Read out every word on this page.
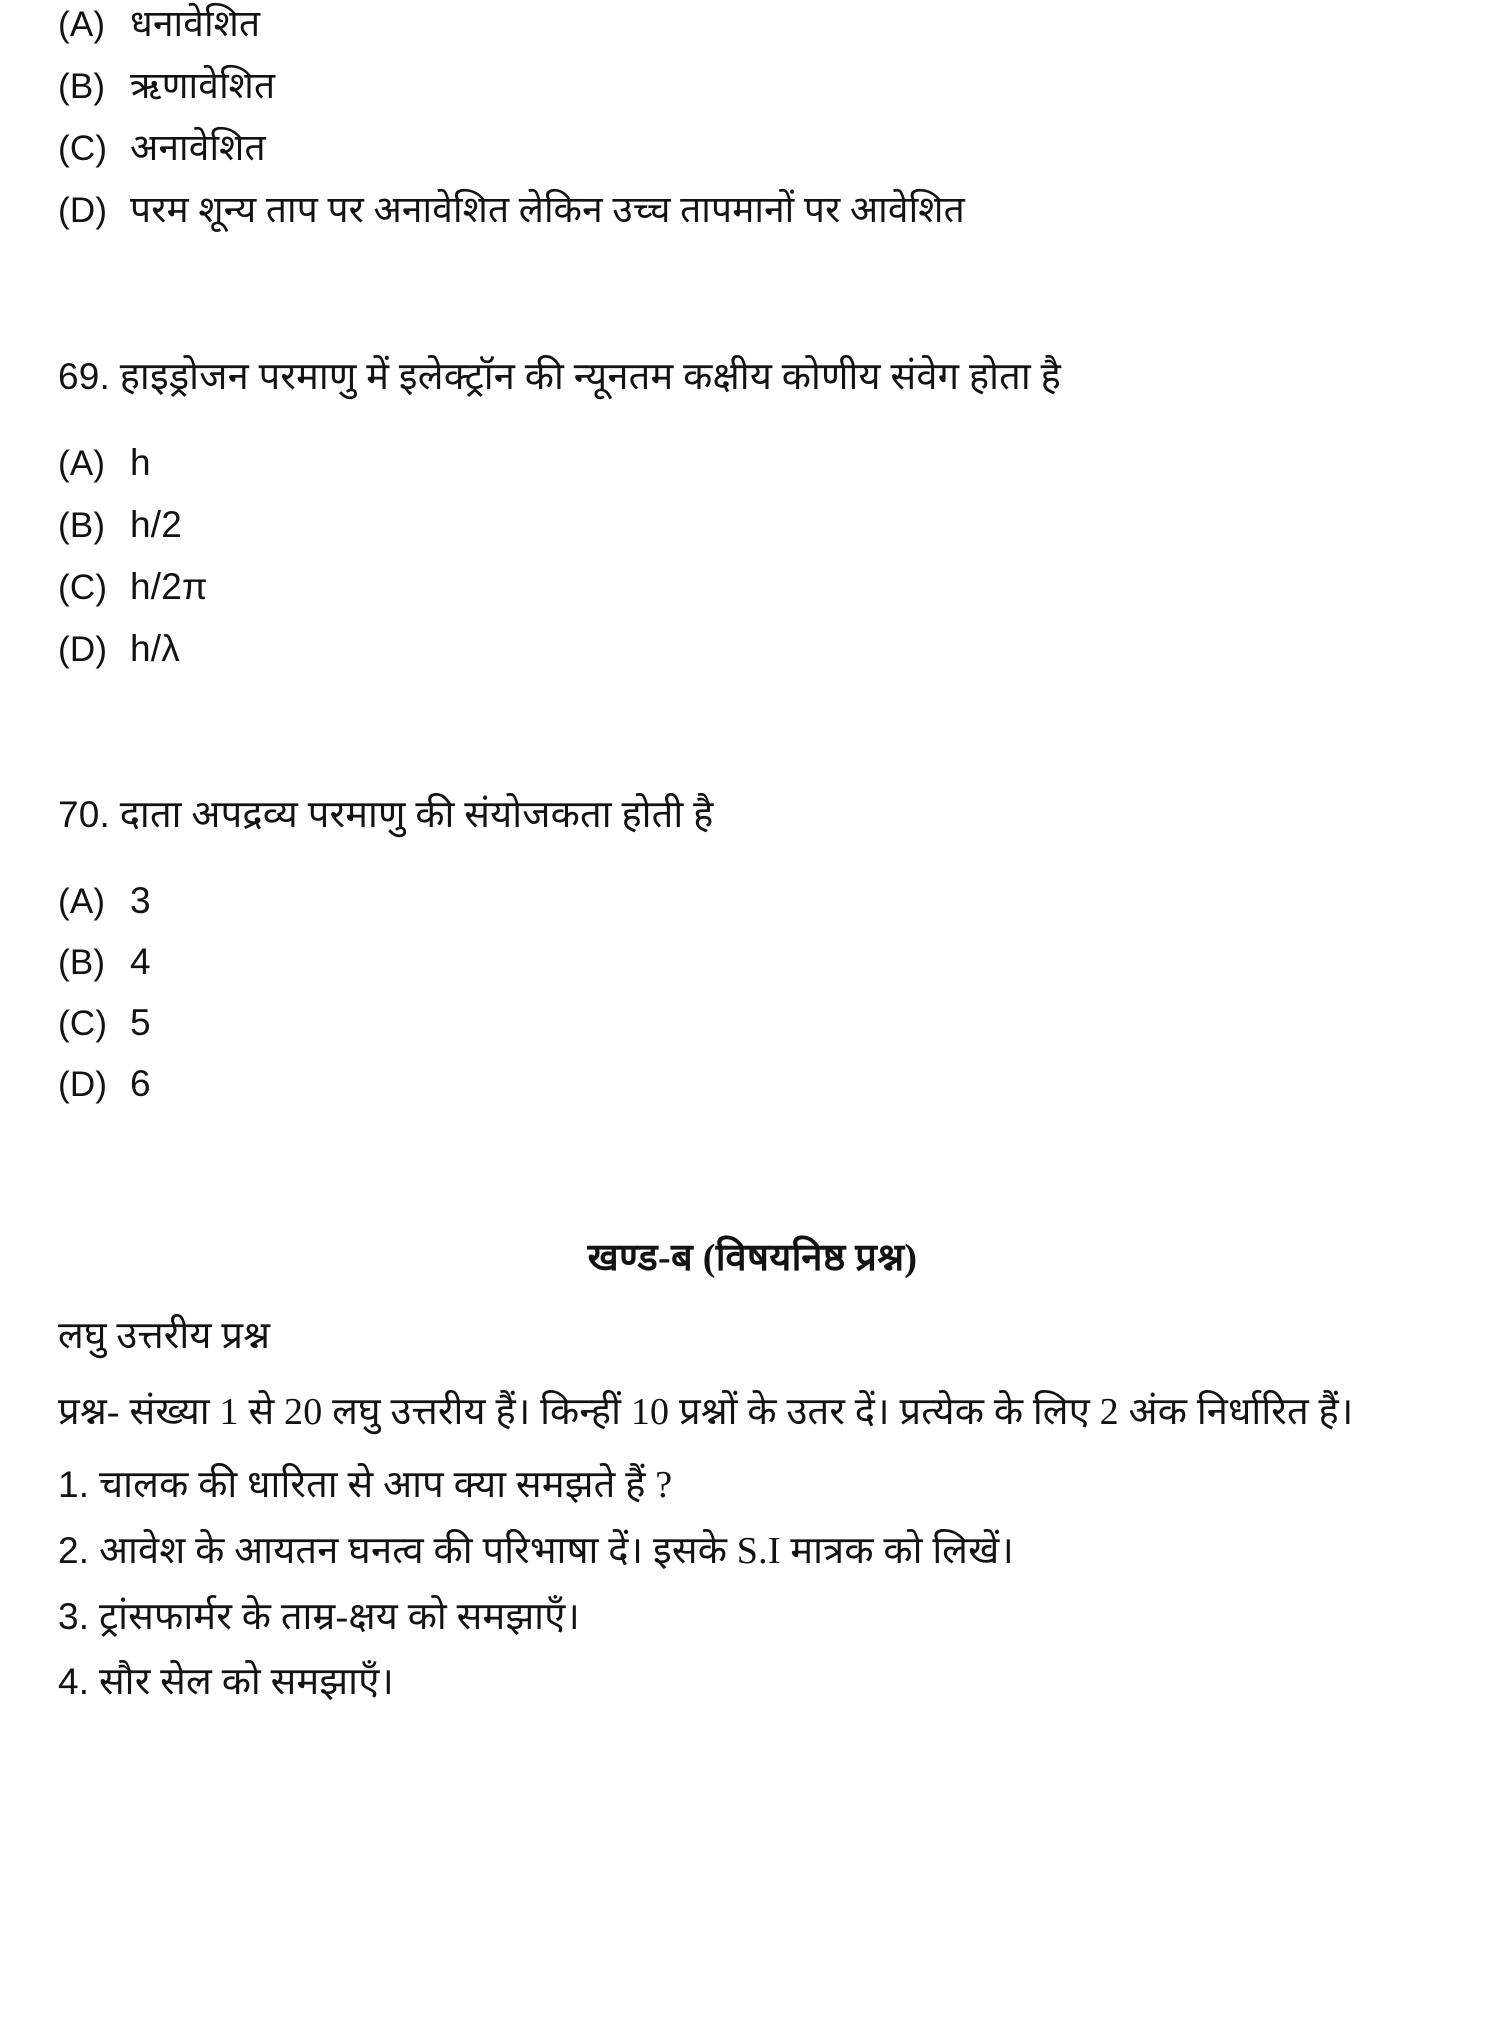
(A) धनावेशित

(B) ऋणावेशित

(C) अनावेशित

(D) परम शून्य ताप पर अनावेशित लेकिन उच्च तापमानों पर आवेशित

69.
हाइड्रोजन परमाणु में इलेक्ट्रॉन की न्यूनतम कक्षीय कोणीय संवेग होता है

(A) h

(B) h/2

(C) h/2π

(D) h/λ

70.
दाता अपद्रव्य परमाणु की संयोजकता होती है

(A) 3

(B) 4

(C) 5

(D) 6

खण्ड-ब (विषयनिष्ठ प्रश्न)

लघु उत्तरीय प्रश्न

प्रश्न- संख्या 1 से 20 लघु उत्तरीय हैं। किन्हीं 10 प्रश्नों के उतर दें। प्रत्येक के लिए 2 अंक निर्धारित हैं।

1.
चालक की धारिता से आप क्या समझते हैं ?

2.
आवेश के आयतन घनत्व की परिभाषा दें। इसके S.I मात्रक को लिखें।

3.
ट्रांसफार्मर के ताम्र-क्षय को समझाएँ।

4.
सौर सेल को समझाएँ।
